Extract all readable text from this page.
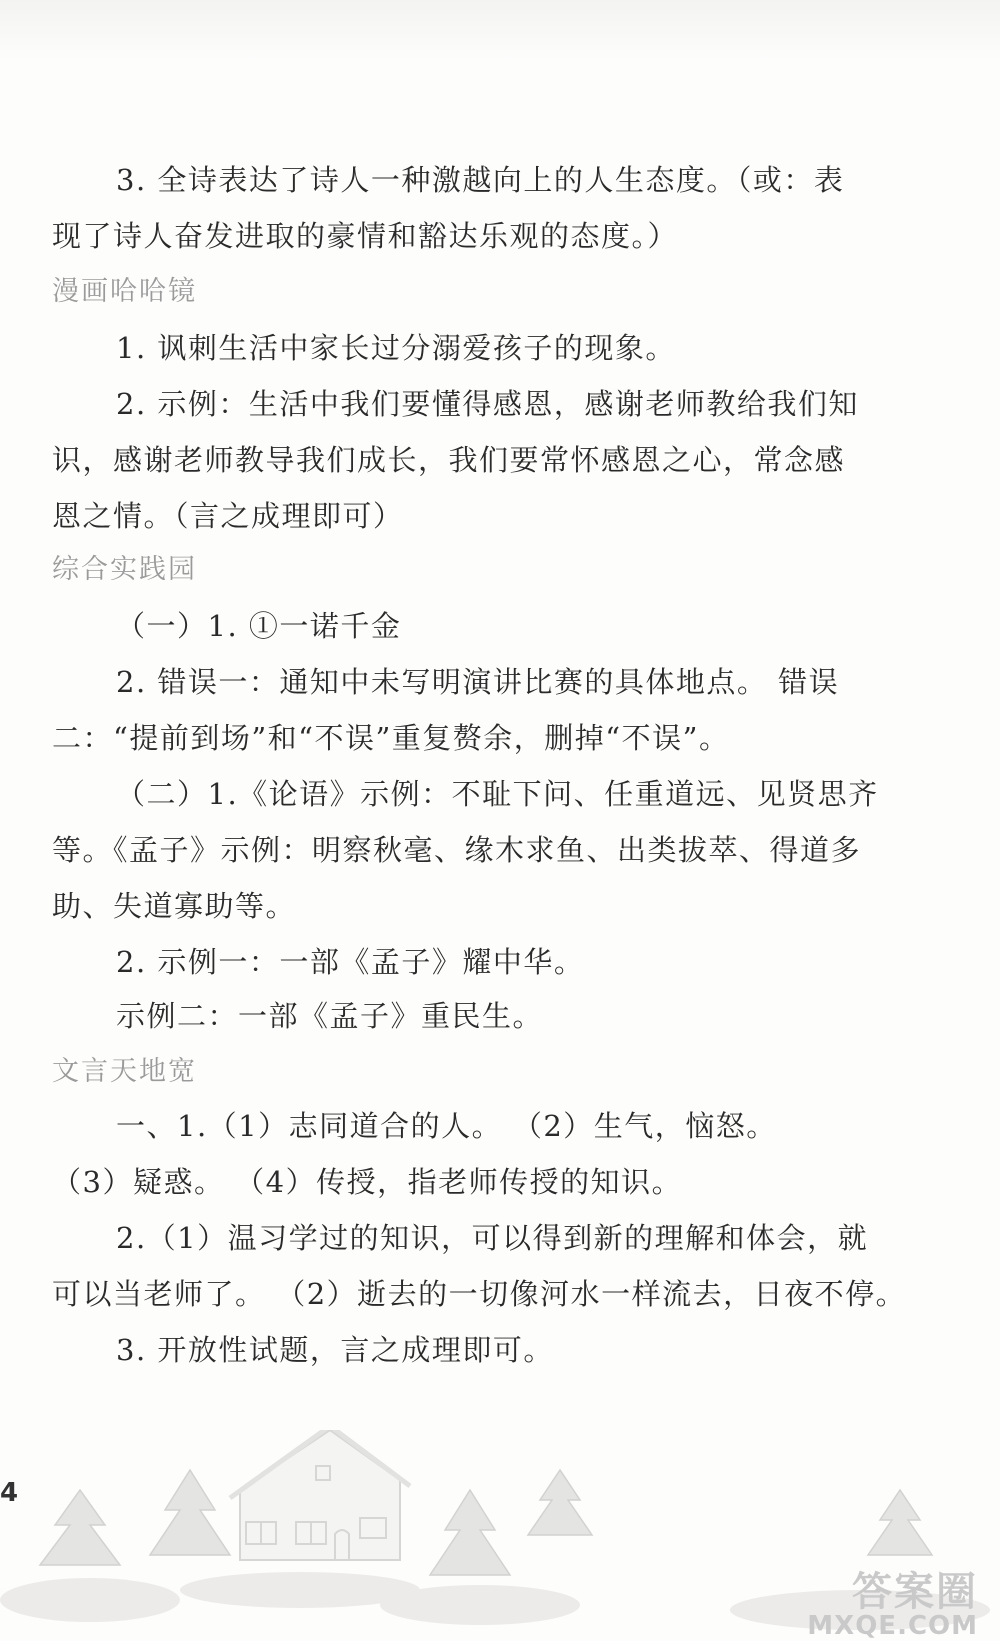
3. 全诗表达了诗人一种激越向上的人生态度。（或：表
现了诗人奋发进取的豪情和豁达乐观的态度。）
漫画哈哈镜
1. 讽刺生活中家长过分溺爱孩子的现象。
2. 示例：生活中我们要懂得感恩，感谢老师教给我们知
识，感谢老师教导我们成长，我们要常怀感恩之心，常念感
恩之情。（言之成理即可）
综合实践园
（一）1. ①一诺千金
2. 错误一：通知中未写明演讲比赛的具体地点。 错误
二：“提前到场”和“不误”重复赘余，删掉“不误”。
（二）1.《论语》示例：不耻下问、任重道远、见贤思齐
等。《孟子》示例：明察秋毫、缘木求鱼、出类拔萃、得道多
助、失道寡助等。
2. 示例一：一部《孟子》耀中华。
示例二：一部《孟子》重民生。
文言天地宽
一、1.（1）志同道合的人。 （2）生气，恼怒。
（3）疑惑。 （4）传授，指老师传授的知识。
2.（1）温习学过的知识，可以得到新的理解和体会，就
可以当老师了。 （2）逝去的一切像河水一样流去，日夜不停。
3. 开放性试题，言之成理即可。
4
答案圈
MXQE.COM
